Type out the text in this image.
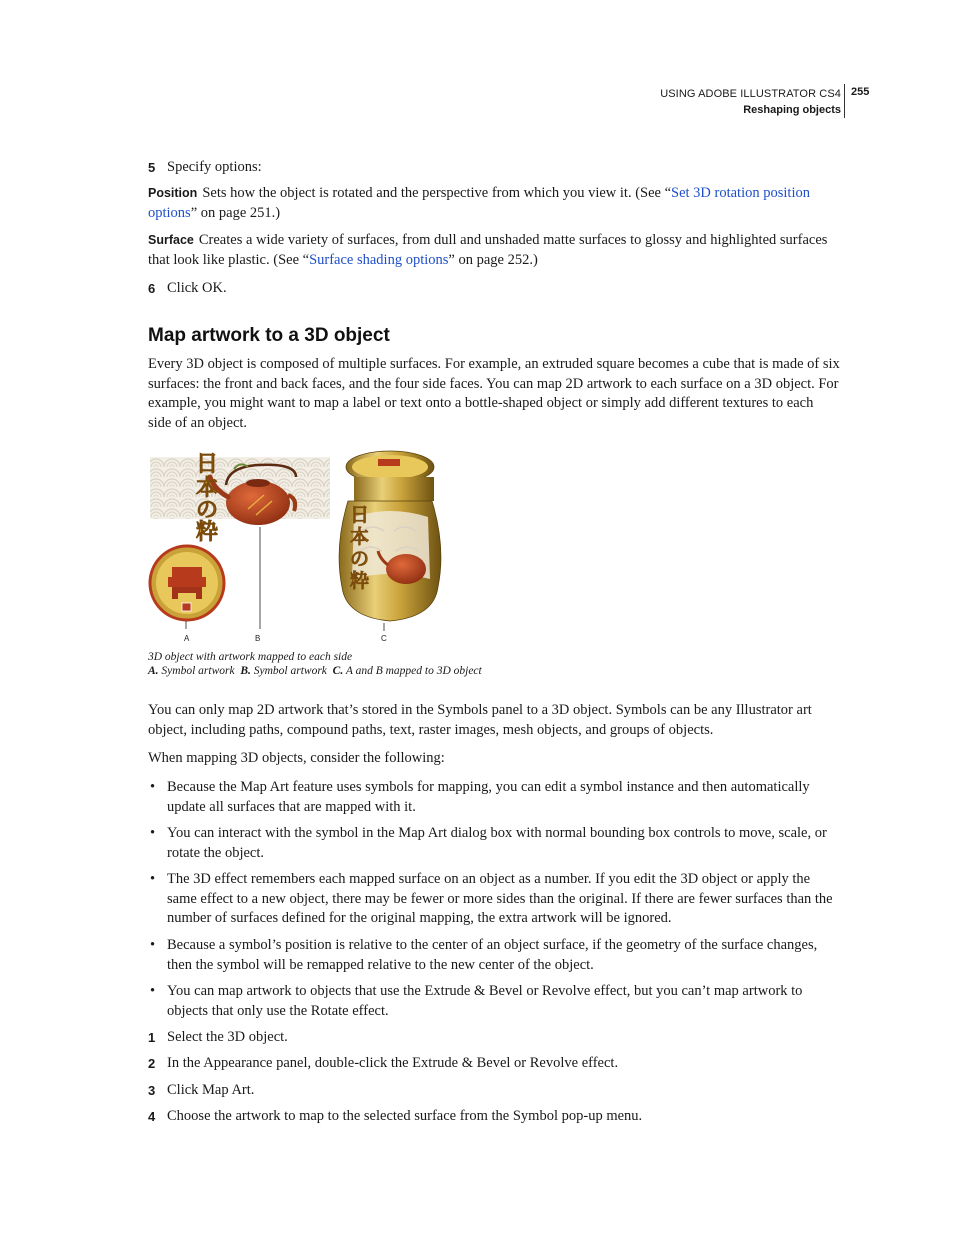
USING ADOBE ILLUSTRATOR CS4
Reshaping objects
255
5 Specify options:
Position Sets how the object is rotated and the perspective from which you view it. (See “Set 3D rotation position options” on page 251.)
Surface Creates a wide variety of surfaces, from dull and unshaded matte surfaces to glossy and highlighted surfaces that look like plastic. (See “Surface shading options” on page 252.)
6 Click OK.
Map artwork to a 3D object
Every 3D object is composed of multiple surfaces. For example, an extruded square becomes a cube that is made of six surfaces: the front and back faces, and the four side faces. You can map 2D artwork to each surface on a 3D object. For example, you might want to map a label or text onto a bottle-shaped object or simply add different textures to each side of an object.
日
本
の
粋
日
本
の
粋
A	B	C
3D object with artwork mapped to each side
A. Symbol artwork B. Symbol artwork C. A and B mapped to 3D object
You can only map 2D artwork that’s stored in the Symbols panel to a 3D object. Symbols can be any Illustrator art object, including paths, compound paths, text, raster images, mesh objects, and groups of objects.
When mapping 3D objects, consider the following:
• Because the Map Art feature uses symbols for mapping, you can edit a symbol instance and then automatically update all surfaces that are mapped with it.
• You can interact with the symbol in the Map Art dialog box with normal bounding box controls to move, scale, or rotate the object.
• The 3D effect remembers each mapped surface on an object as a number. If you edit the 3D object or apply the same effect to a new object, there may be fewer or more sides than the original. If there are fewer surfaces than the number of surfaces defined for the original mapping, the extra artwork will be ignored.
• Because a symbol’s position is relative to the center of an object surface, if the geometry of the surface changes, then the symbol will be remapped relative to the new center of the object.
• You can map artwork to objects that use the Extrude & Bevel or Revolve effect, but you can’t map artwork to objects that only use the Rotate effect.
1 Select the 3D object.
2 In the Appearance panel, double-click the Extrude & Bevel or Revolve effect.
3 Click Map Art.
4 Choose the artwork to map to the selected surface from the Symbol pop-up menu.
